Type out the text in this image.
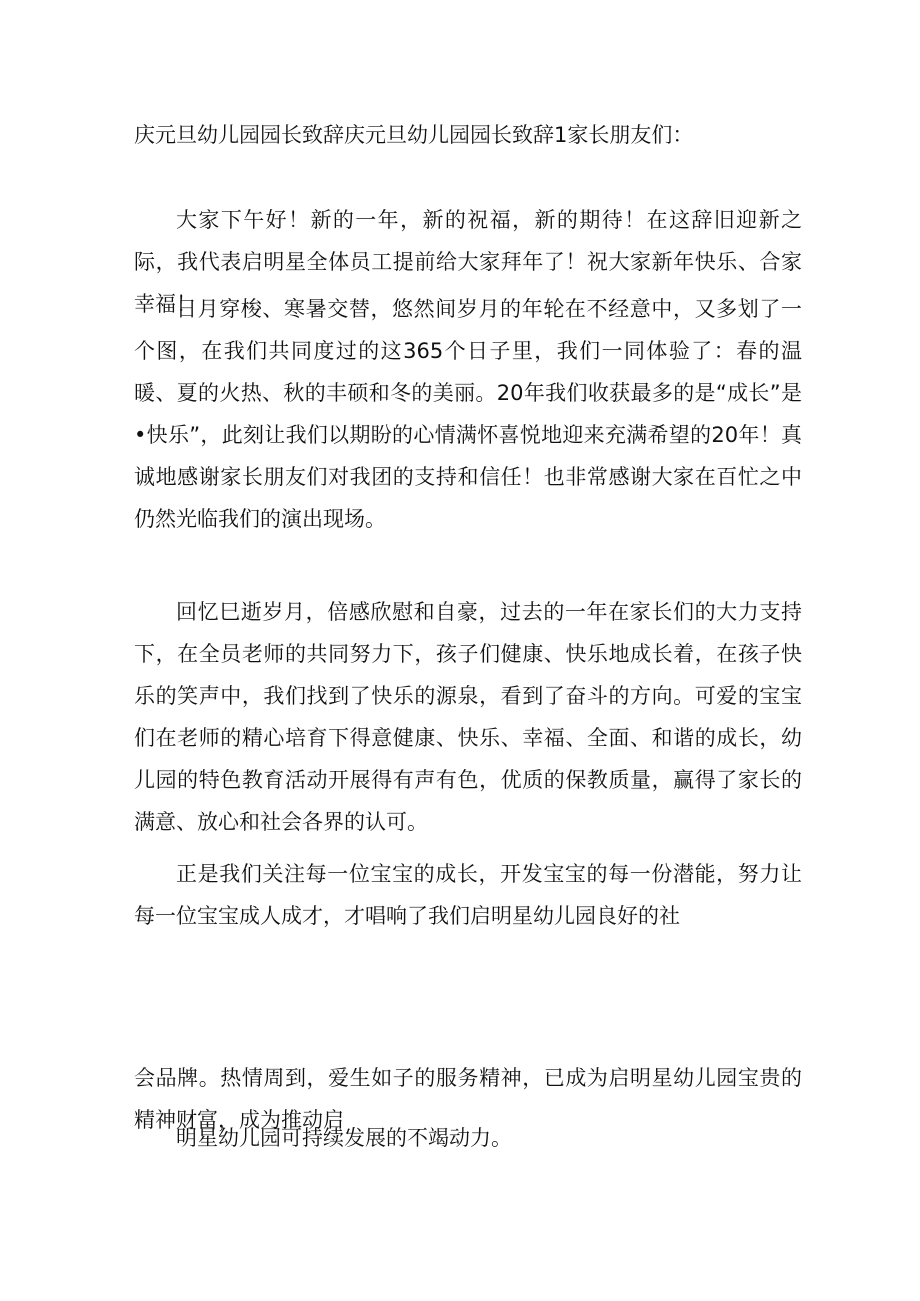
庆元旦幼儿园园长致辞庆元旦幼儿园园长致辞1家长朋友们：

大家下午好！新的一年，新的祝福，新的期待！在这辞旧迎新之际，我代表启明星全体员工提前给大家拜年了！祝大家新年快乐、合家幸福！

日月穿梭、寒暑交替，悠然间岁月的年轮在不经意中，又多划了一个图，在我们共同度过的这365个日子里，我们一同体验了：春的温暖、夏的火热、秋的丰硕和冬的美丽。20年我们收获最多的是“成长”是•快乐”，此刻让我们以期盼的心情满怀喜悦地迎来充满希望的20年！真诚地感谢家长朋友们对我团的支持和信任！也非常感谢大家在百忙之中仍然光临我们的演出现场。

回忆巳逝岁月，倍感欣慰和自豪，过去的一年在家长们的大力支持下，在全员老师的共同努力下，孩子们健康、快乐地成长着，在孩子快乐的笑声中，我们找到了快乐的源泉，看到了奋斗的方向。可爱的宝宝们在老师的精心培育下得意健康、快乐、幸福、全面、和谐的成长，幼儿园的特色教育活动开展得有声有色，优质的保教质量，赢得了家长的满意、放心和社会各界的认可。

正是我们关注每一位宝宝的成长，开发宝宝的每一份潜能，努力让每一位宝宝成人成才，才唱响了我们启明星幼儿园良好的社

会品牌。热情周到，爱生如子的服务精神，已成为启明星幼儿园宝贵的精神财富，成为推动启

明星幼儿园可持续发展的不竭动力。
